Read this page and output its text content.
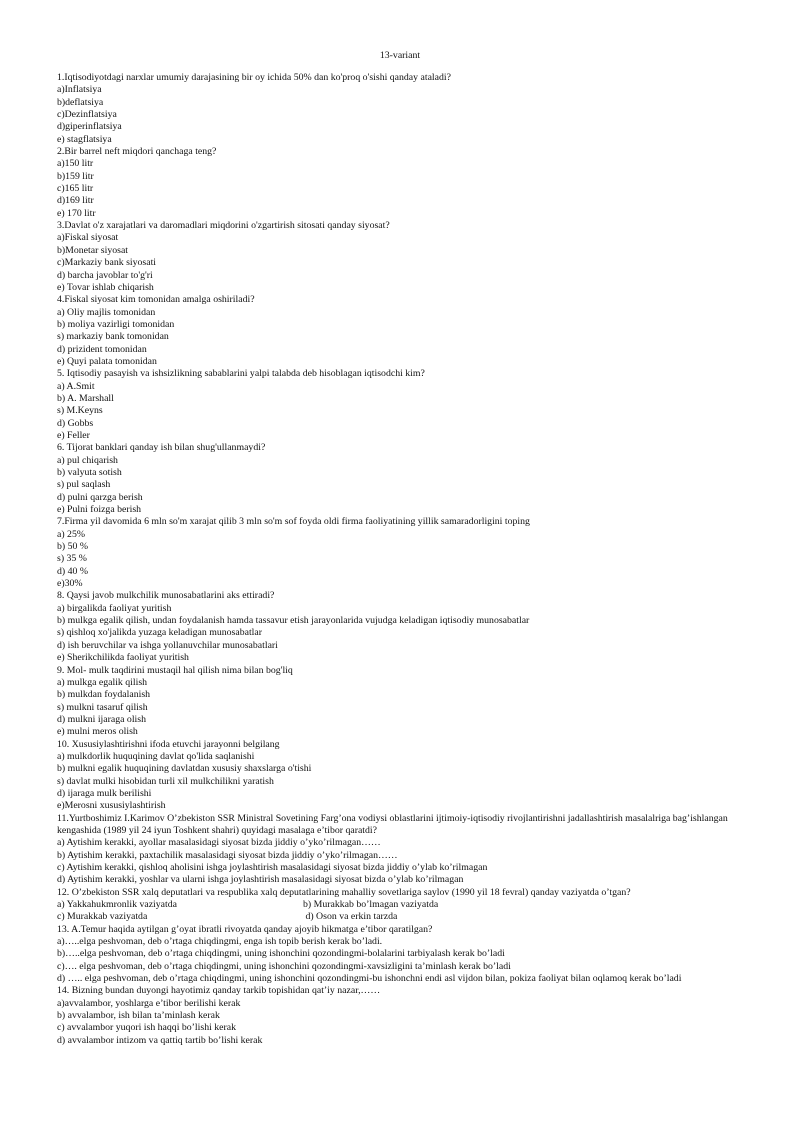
13-variant
1.Iqtisodiyotdagi narxlar umumiy darajasining bir oy ichida 50% dan ko'proq o'sishi qanday ataladi?
a)Inflatsiya
b)deflatsiya
c)Dezinflatsiya
d)giperinflatsiya
e) stagflatsiya
2.Bir barrel neft miqdori qanchaga teng?
a)150 litr
b)159 litr
c)165 litr
d)169 litr
e) 170 litr
3.Davlat o'z xarajatlari va daromadlari miqdorini o'zgartirish sitosati qanday siyosat?
a)Fiskal siyosat
b)Monetar siyosat
c)Markaziy bank siyosati
d) barcha javoblar to'g'ri
e) Tovar ishlab chiqarish
4.Fiskal siyosat kim tomonidan amalga oshiriladi?
a) Oliy majlis tomonidan
b) moliya vazirligi tomonidan
s) markaziy bank tomonidan
d) prizident tomonidan
e) Quyi palata tomonidan
5. Iqtisodiy pasayish va ishsizlikning sabablarini yalpi talabda deb hisoblagan iqtisodchi kim?
a) A.Smit
b) A. Marshall
s) M.Keyns
d) Gobbs
e) Feller
6. Tijorat banklari qanday ish bilan shug'ullanmaydi?
a) pul chiqarish
b) valyuta sotish
s) pul saqlash
d) pulni qarzga berish
e) Pulni foizga berish
7.Firma yil davomida 6 mln so'm xarajat qilib 3 mln so'm sof foyda oldi firma faoliyatining yillik samaradorligini toping
a) 25%
b) 50 %
s) 35 %
d) 40 %
e)30%
8. Qaysi javob mulkchilik munosabatlarini aks ettiradi?
a) birgalikda faoliyat yuritish
b) mulkga egalik qilish, undan foydalanish hamda tassavur etish jarayonlarida vujudga keladigan iqtisodiy munosabatlar
s) qishloq xo'jalikda yuzaga keladigan munosabatlar
d) ish beruvchilar va ishga yollanuvchilar munosabatlari
e) Sherikchilikda faoliyat yuritish
9. Mol- mulk taqdirini mustaqil hal qilish nima bilan bog'liq
a) mulkga egalik qilish
b) mulkdan foydalanish
s) mulkni tasaruf qilish
d) mulkni ijaraga olish
e) mulni meros olish
10. Xususiylashtirishni ifoda etuvchi jarayonni belgilang
a) mulkdorlik huquqining davlat qo'lida saqlanishi
b) mulkni egalik huquqining davlatdan xususiy shaxslarga o'tishi
s) davlat mulki hisobidan turli xil mulkchilikni yaratish
d) ijaraga mulk berilishi
e)Merosni xususiylashtirish
11.Yurtboshimiz I.Karimov O’zbekiston SSR Ministral Sovetining Farg’ona vodiysi oblastlarini ijtimoiy-iqtisodiy rivojlantirishni jadallashtirish masalalriga bag’ishlangan kengashida (1989 yil 24 iyun Toshkent shahri) quyidagi masalaga e’tibor qaratdi?
a) Aytishim kerakki, ayollar masalasidagi siyosat bizda jiddiy o’yko’rilmagan……
b) Aytishim kerakki, paxtachilik masalasidagi siyosat bizda jiddiy o’yko’rilmagan……
c) Aytishim kerakki, qishloq aholisini ishga joylashtirish masalasidagi siyosat bizda jiddiy o’ylab ko’rilmagan
d) Aytishim kerakki, yoshlar va ularni ishga joylashtirish masalasidagi siyosat bizda o’ylab ko’rilmagan
12. O’zbekiston SSR xalq deputatlari va respublika xalq deputatlarining mahalliy sovetlariga saylov (1990 yil 18 fevral) qanday vaziyatda o’tgan?
a) Yakkahukmronlik vaziyatda	b) Murakkab bo’lmagan vaziyatda
c) Murakkab vaziyatda	d) Oson va erkin tarzda
13. A.Temur haqida aytilgan g’oyat ibratli rivoyatda qanday ajoyib hikmatga e’tibor qaratilgan?
a)…..elga peshvoman, deb o’rtaga chiqdingmi, enga ish topib berish kerak bo’ladi.
b)…..elga peshvoman, deb o’rtaga chiqdingmi, uning ishonchini qozondingmi-bolalarini tarbiyalash kerak bo’ladi
c)…. elga peshvoman, deb o’rtaga chiqdingmi, uning ishonchini qozondingmi-xavsizligini ta’minlash kerak bo’ladi
d) ….. elga peshvoman, deb o’rtaga chiqdingmi, uning ishonchini qozondingmi-bu ishonchni endi asl vijdon bilan, pokiza faoliyat bilan oqlamoq kerak bo’ladi
14. Bizning bundan duyongi hayotimiz qanday tarkib topishidan qat’iy nazar,……
a)avvalambor, yoshlarga e’tibor berilishi kerak
b) avvalambor, ish bilan ta’minlash kerak
c) avvalambor yuqori ish haqqi bo’lishi kerak
d) avvalambor intizom va qattiq tartib bo’lishi kerak
